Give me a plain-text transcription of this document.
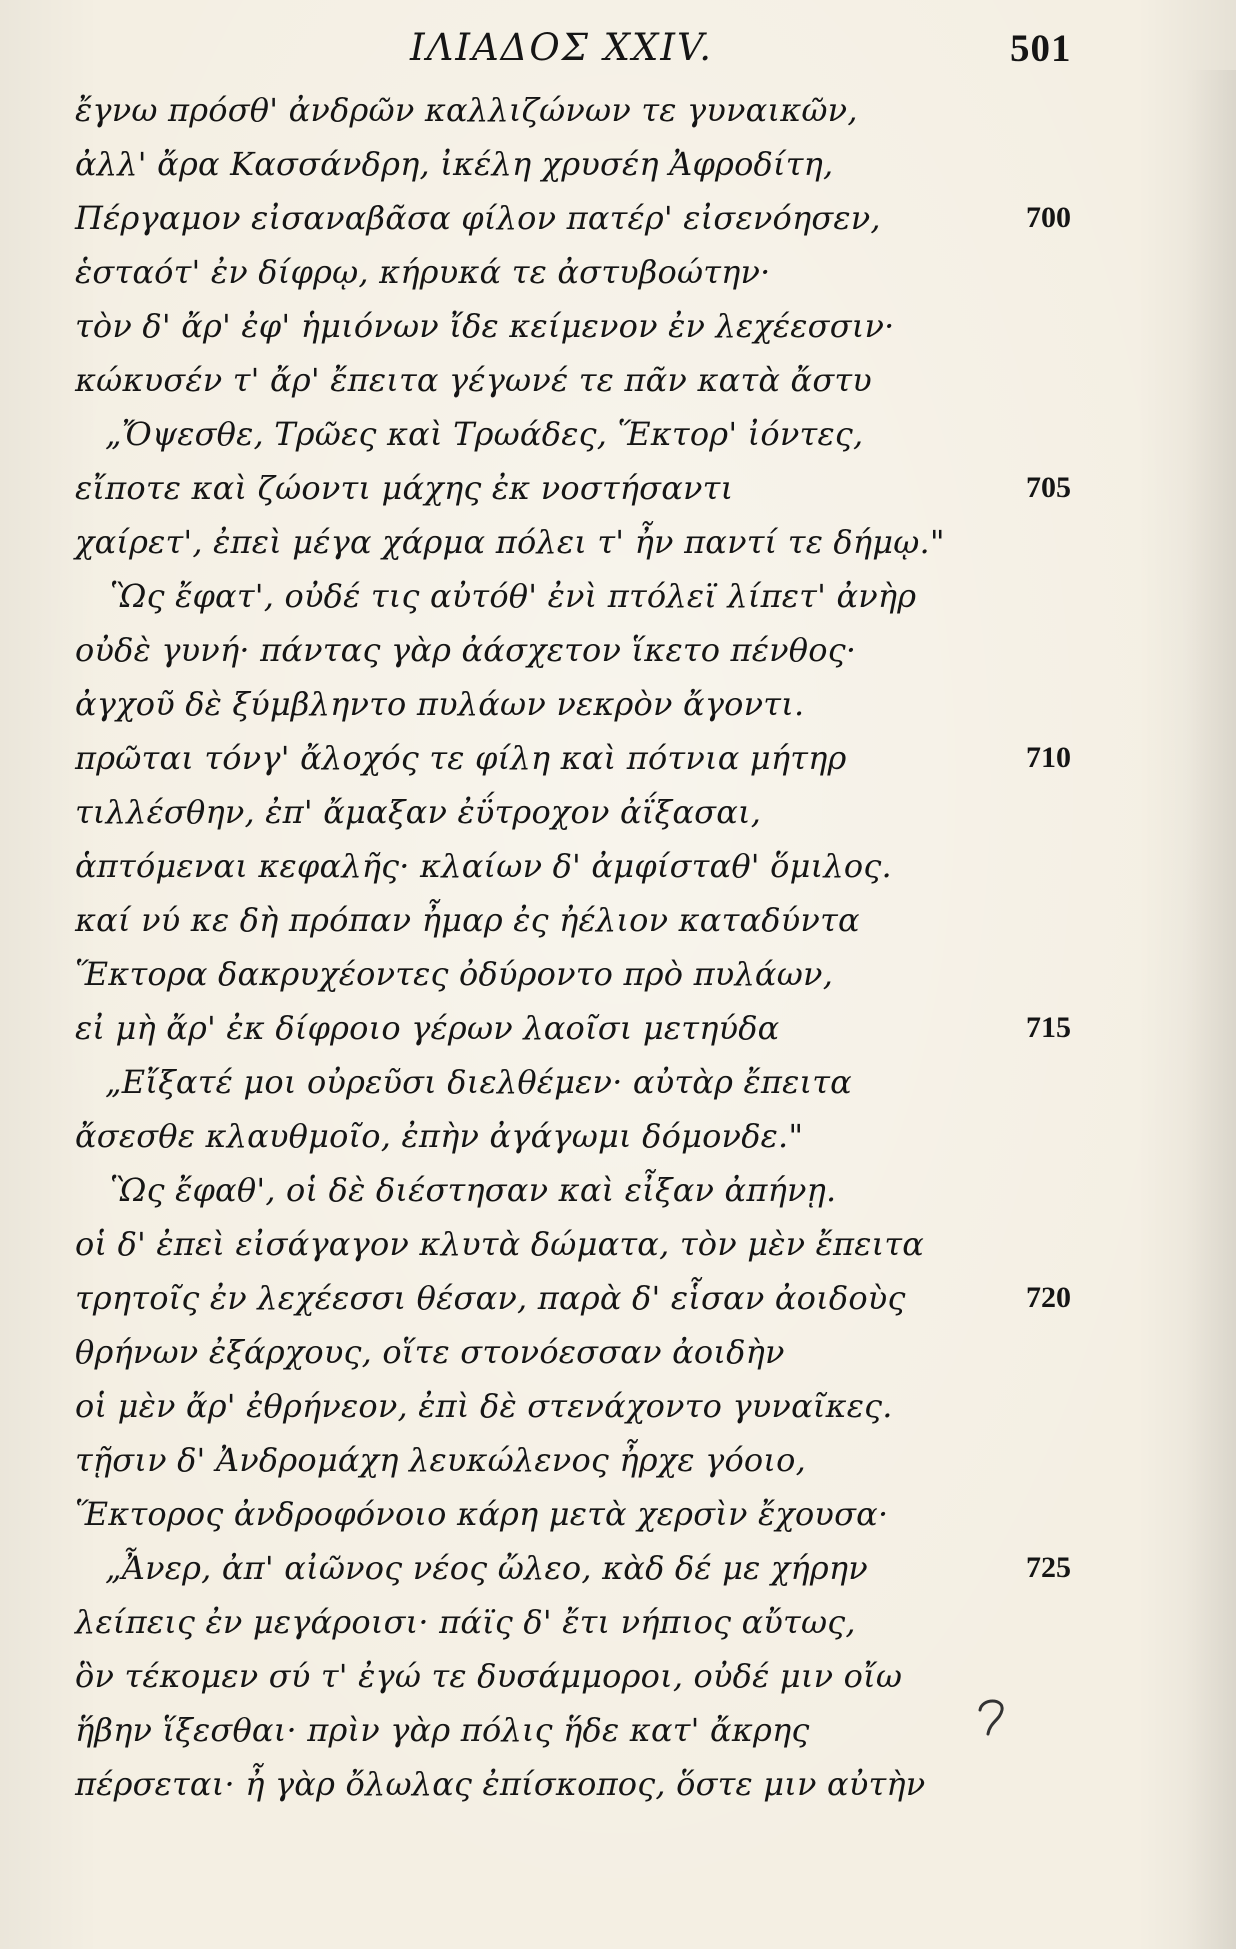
ΙΛΙΑΔΟΣ XXIV.	501
ἔγνω πρόσθ' ἀνδρῶν καλλιζώνων τε γυναικῶν,
ἀλλ' ἄρα Κασσάνδρη, ἰκέλη χρυσέη Ἀφροδίτη,
Πέργαμον εἰσαναβᾶσα φίλον πατέρ' εἰσενόησεν,	700
ἑσταότ' ἐν δίφρῳ, κήρυκά τε ἀστυβοώτην·
τὸν δ' ἄρ' ἐφ' ἡμιόνων ἴδε κείμενον ἐν λεχέεσσιν·
κώκυσέν τ' ἄρ' ἔπειτα γέγωνέ τε πᾶν κατὰ ἄστυ
„Ὄψεσθε, Τρῶες καὶ Τρωάδες, Ἕκτορ' ἰόντες,
εἴποτε καὶ ζώοντι μάχης ἐκ νοστήσαντι	705
χαίρετ', ἐπεὶ μέγα χάρμα πόλει τ' ἦν παντί τε δήμῳ."
Ὣς ἔφατ', οὐδέ τις αὐτόθ' ἐνὶ πτόλεϊ λίπετ' ἀνὴρ
οὐδὲ γυνή· πάντας γὰρ ἀάσχετον ἵκετο πένθος·
ἀγχοῦ δὲ ξύμβληντο πυλάων νεκρὸν ἄγοντι.
πρῶται τόνγ' ἄλοχός τε φίλη καὶ πότνια μήτηρ	710
τιλλέσθην, ἐπ' ἄμαξαν ἐΰτροχον ἀΐξασαι,
ἁπτόμεναι κεφαλῆς· κλαίων δ' ἀμφίσταθ' ὅμιλος.
καί νύ κε δὴ πρόπαν ἦμαρ ἐς ἠέλιον καταδύντα
Ἕκτορα δακρυχέοντες ὀδύροντο πρὸ πυλάων,
εἰ μὴ ἄρ' ἐκ δίφροιο γέρων λαοῖσι μετηύδα	715
„Εἴξατέ μοι οὐρεῦσι διελθέμεν· αὐτὰρ ἔπειτα
ἄσεσθε κλαυθμοῖο, ἐπὴν ἀγάγωμι δόμονδε."
Ὣς ἔφαθ', οἱ δὲ διέστησαν καὶ εἶξαν ἀπήνῃ.
οἱ δ' ἐπεὶ εἰσάγαγον κλυτὰ δώματα, τὸν μὲν ἔπειτα
τρητοῖς ἐν λεχέεσσι θέσαν, παρὰ δ' εἷσαν ἀοιδοὺς	720
θρήνων ἐξάρχους, οἵτε στονόεσσαν ἀοιδὴν
οἱ μὲν ἄρ' ἐθρήνεον, ἐπὶ δὲ στενάχοντο γυναῖκες.
τῇσιν δ' Ἀνδρομάχη λευκώλενος ἦρχε γόοιο,
Ἕκτορος ἀνδροφόνοιο κάρη μετὰ χερσὶν ἔχουσα·
„Ἆνερ, ἀπ' αἰῶνος νέος ὤλεο, κὰδ δέ με χήρην	725
λείπεις ἐν μεγάροισι· πάϊς δ' ἔτι νήπιος αὔτως,
ὃν τέκομεν σύ τ' ἐγώ τε δυσάμμοροι, οὐδέ μιν οἴω
ἥβην ἵξεσθαι· πρὶν γὰρ πόλις ἥδε κατ' ἄκρης
πέρσεται· ἦ γὰρ ὄλωλας ἐπίσκοπος, ὅστε μιν αὐτὴν
